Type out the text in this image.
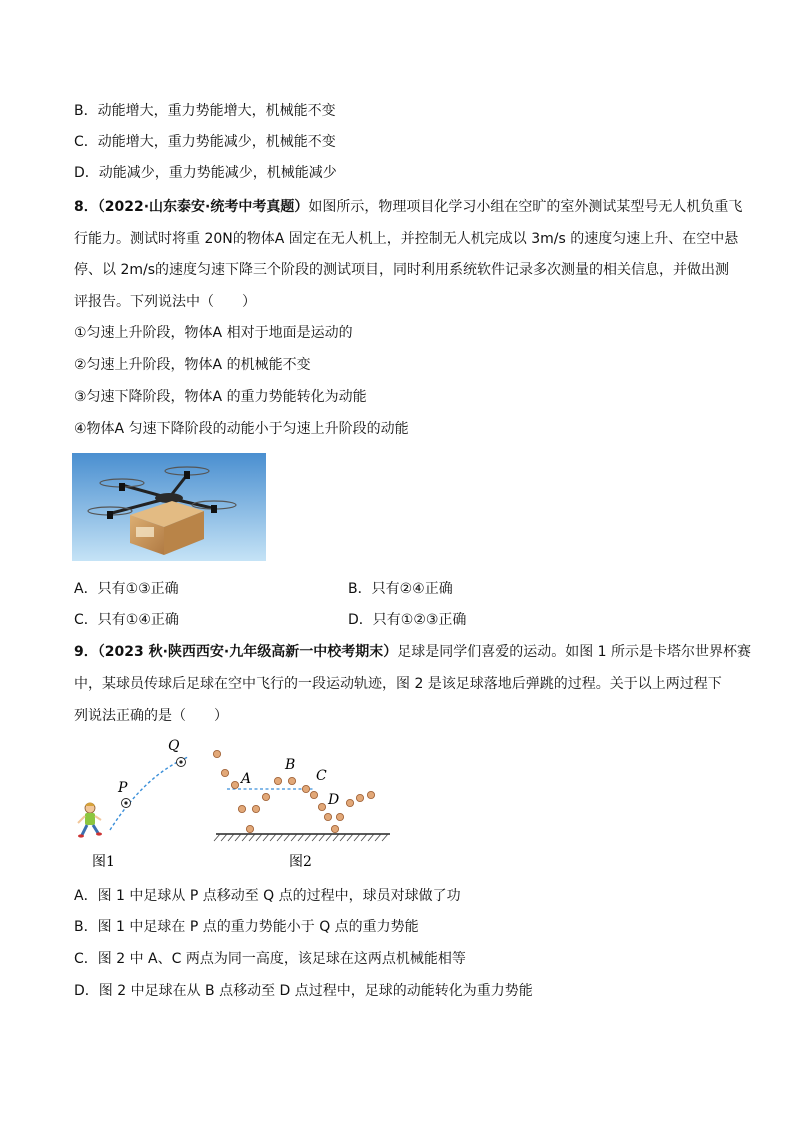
B．动能增大，重力势能增大，机械能不变
C．动能增大，重力势能减少，机械能不变
D．动能减少，重力势能减少，机械能减少
8．（2022·山东泰安·统考中考真题）如图所示，物理项目化学习小组在空旷的室外测试某型号无人机负重飞
行能力。测试时将重 20N的物体A 固定在无人机上，并控制无人机完成以 3m/s 的速度匀速上升、在空中悬
停、以 2m/s的速度匀速下降三个阶段的测试项目，同时利用系统软件记录多次测量的相关信息，并做出测
评报告。下列说法中（　　）
①匀速上升阶段，物体A 相对于地面是运动的
②匀速上升阶段，物体A 的机械能不变
③匀速下降阶段，物体A 的重力势能转化为动能
④物体A 匀速下降阶段的动能小于匀速上升阶段的动能
A．只有①③正确	B．只有②④正确
C．只有①④正确	D．只有①②③正确
9．（2023 秋·陕西西安·九年级高新一中校考期末）足球是同学们喜爱的运动。如图 1 所示是卡塔尔世界杯赛
中，某球员传球后足球在空中飞行的一段运动轨迹，图 2 是该足球落地后弹跳的过程。关于以上两过程下
列说法正确的是（　　）
P
Q
图1
A
B
C
D
图2
A．图 1 中足球从 P 点移动至 Q 点的过程中，球员对球做了功
B．图 1 中足球在 P 点的重力势能小于 Q 点的重力势能
C．图 2 中 A、C 两点为同一高度，该足球在这两点机械能相等
D．图 2 中足球在从 B 点移动至 D 点过程中，足球的动能转化为重力势能
